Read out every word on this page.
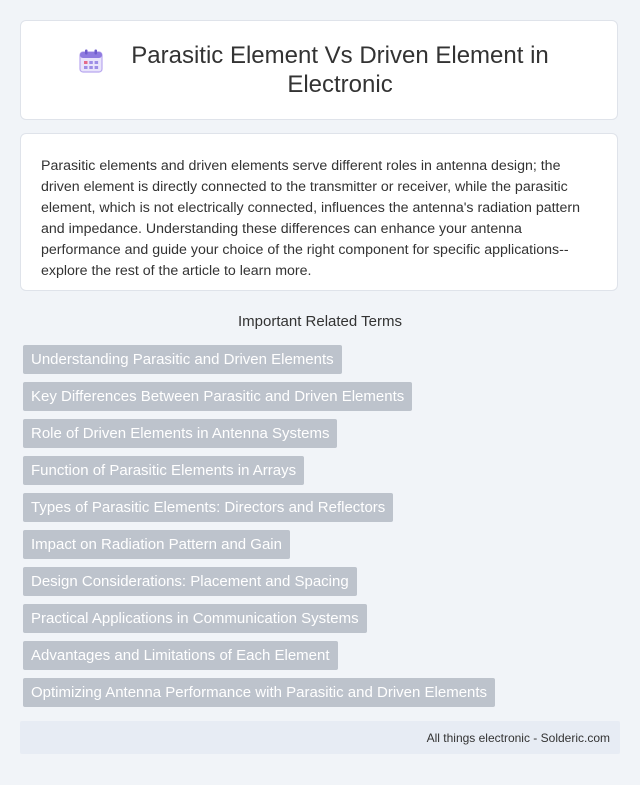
Parasitic Element Vs Driven Element in Electronic

Parasitic elements and driven elements serve different roles in antenna design; the driven element is directly connected to the transmitter or receiver, while the parasitic element, which is not electrically connected, influences the antenna's radiation pattern and impedance. Understanding these differences can enhance your antenna performance and guide your choice of the right component for specific applications--explore the rest of the article to learn more.

Important Related Terms
Understanding Parasitic and Driven Elements
Key Differences Between Parasitic and Driven Elements
Role of Driven Elements in Antenna Systems
Function of Parasitic Elements in Arrays
Types of Parasitic Elements: Directors and Reflectors
Impact on Radiation Pattern and Gain
Design Considerations: Placement and Spacing
Practical Applications in Communication Systems
Advantages and Limitations of Each Element
Optimizing Antenna Performance with Parasitic and Driven Elements
All things electronic - Solderic.com
